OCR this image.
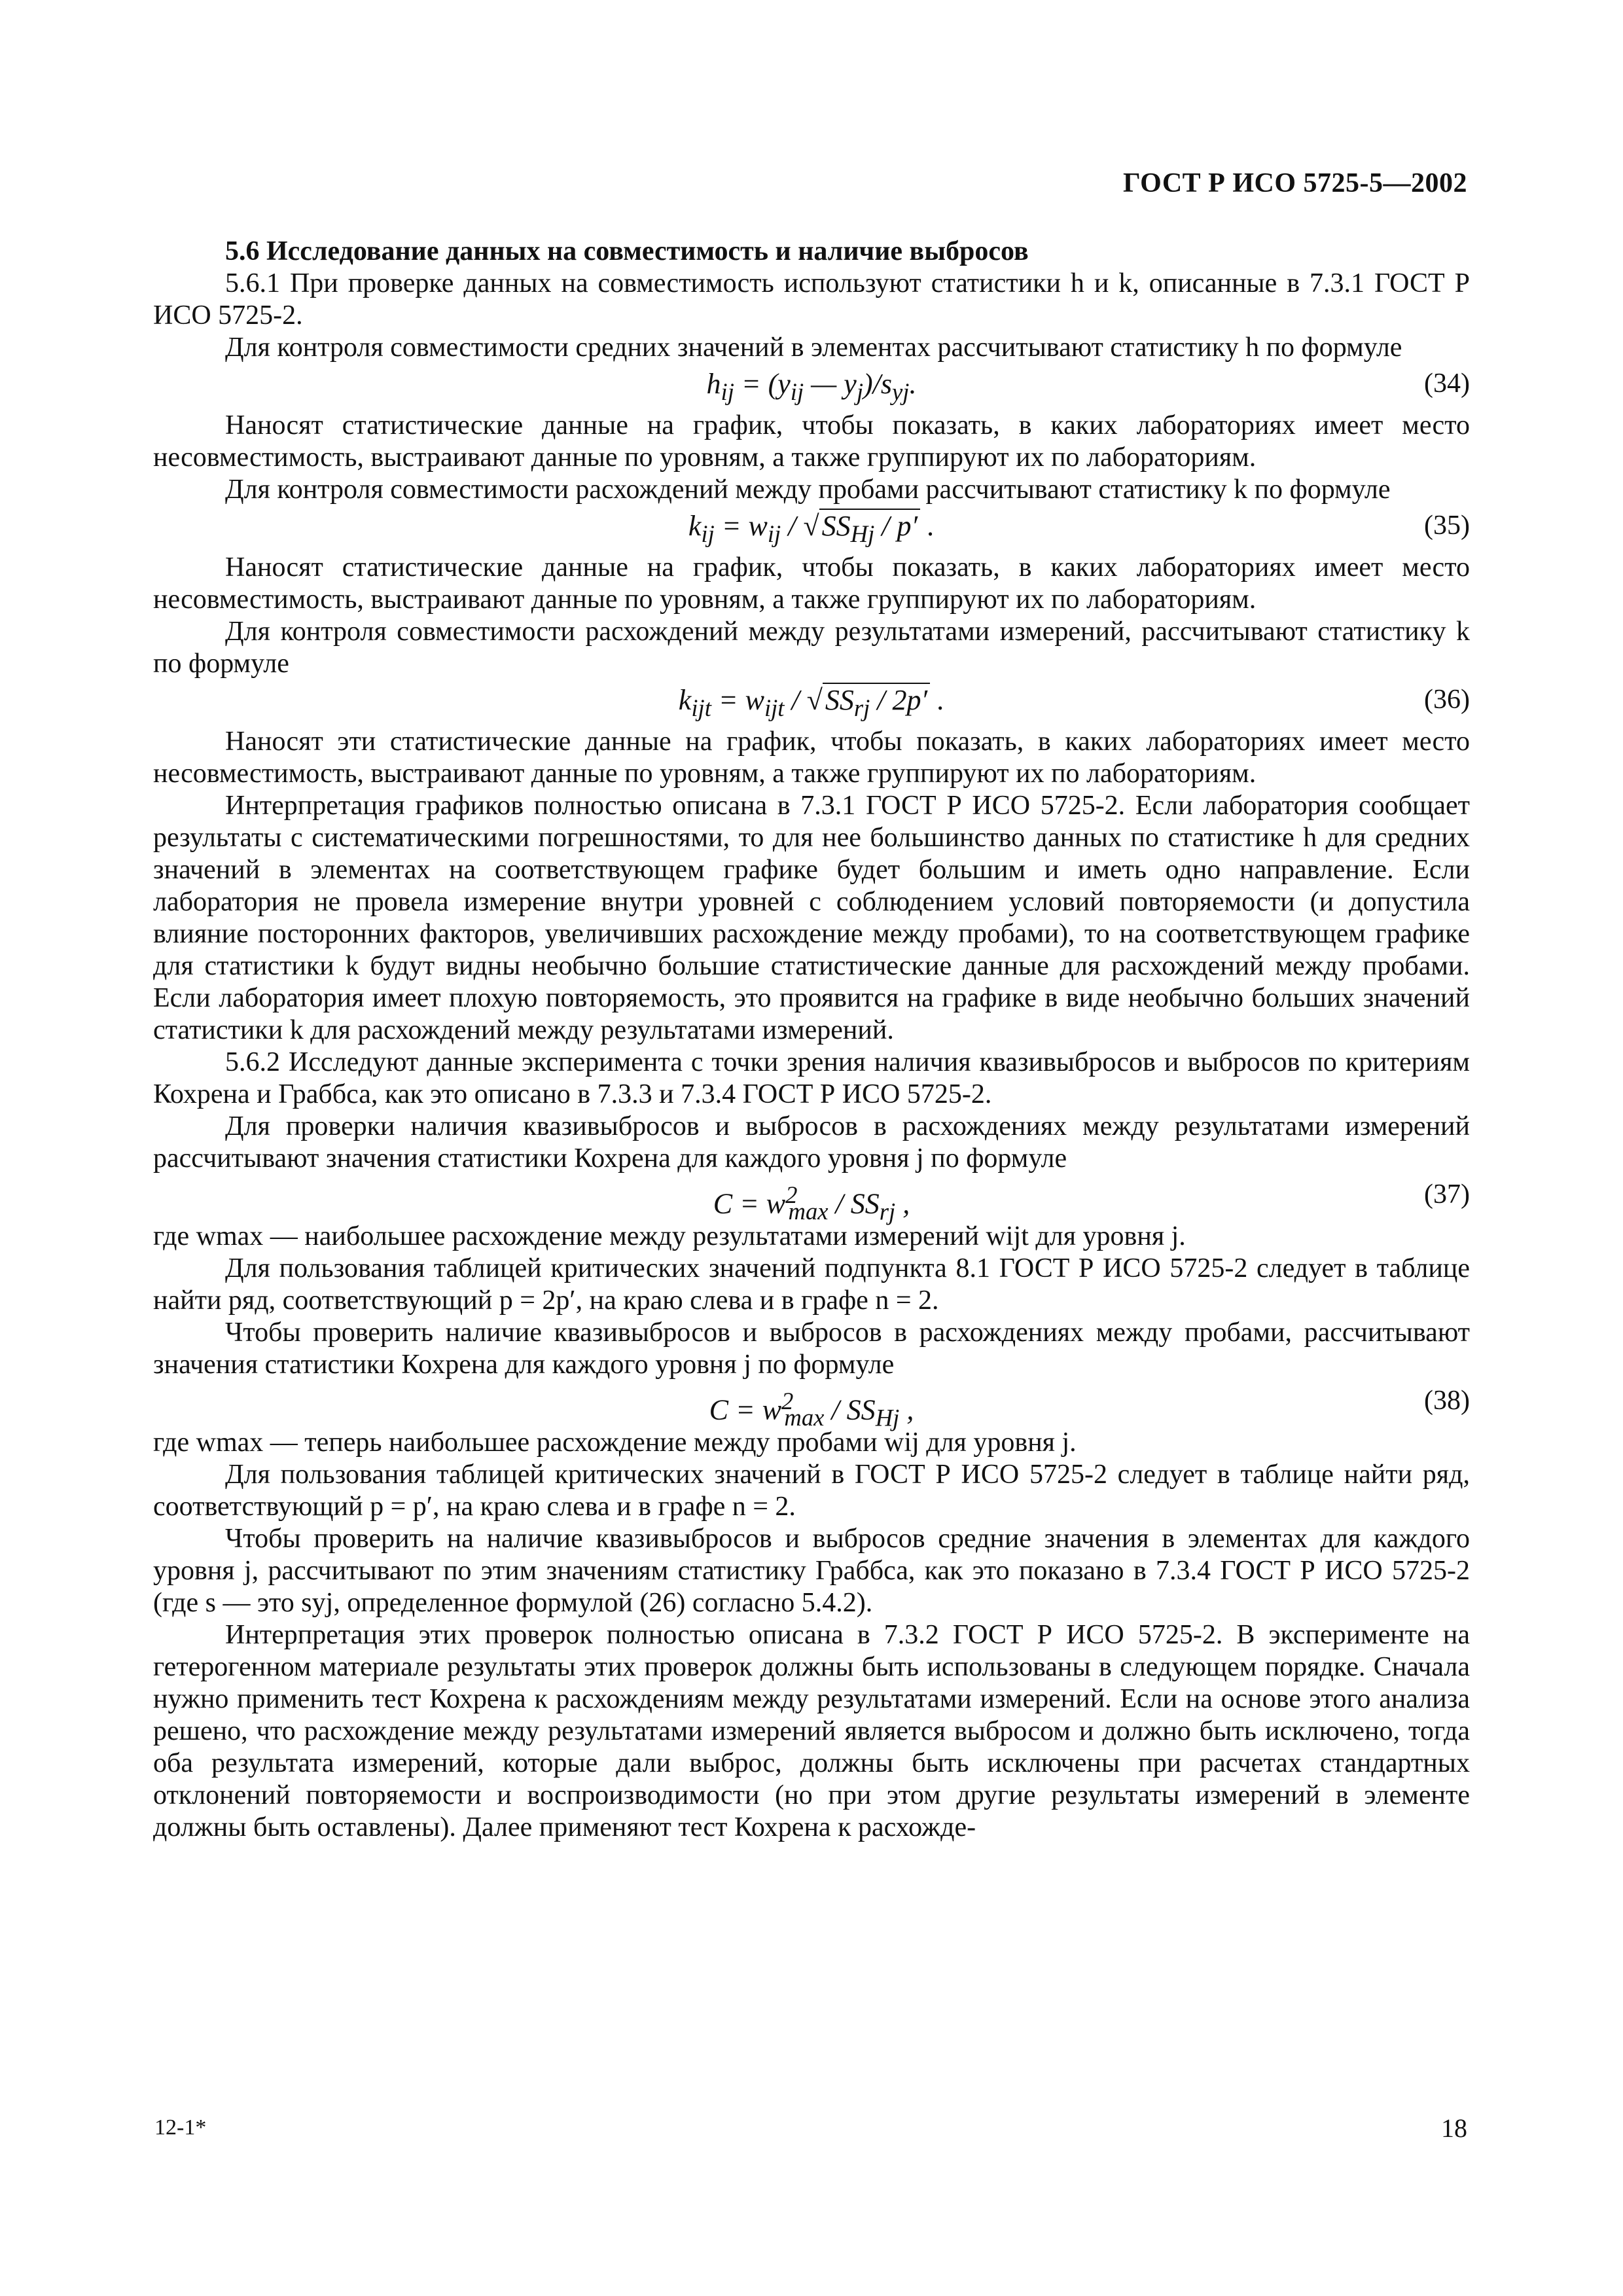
ГОСТ Р ИСО 5725-5—2002

5.6 Исследование данных на совместимость и наличие выбросов

5.6.1 При проверке данных на совместимость используют статистики h и k, описанные в 7.3.1 ГОСТ Р ИСО 5725-2.

Для контроля совместимости средних значений в элементах рассчитывают статистику h по формуле

$h_{ij} = (y_{ij}$ — $y_j)/s_{yj}$.	(34)

Наносят статистические данные на график, чтобы показать, в каких лабораториях имеет место несовместимость, выстраивают данные по уровням, а также группируют их по лабораториям.

Для контроля совместимости расхождений между пробами рассчитывают статистику k по формуле

$k_{ij} = w_{ij} / √SS_{Hj} / p'$ .	(35)

Наносят статистические данные на график, чтобы показать, в каких лабораториях имеет место несовместимость, выстраивают данные по уровням, а также группируют их по лабораториям.

Для контроля совместимости расхождений между результатами измерений, рассчитывают статистику k по формуле

$k_{ijt} = w_{ijt} / √SS_{rj} / 2p'$ .	(36)

Наносят эти статистические данные на график, чтобы показать, в каких лабораториях имеет место несовместимость, выстраивают данные по уровням, а также группируют их по лабораториям.

Интерпретация графиков полностью описана в 7.3.1 ГОСТ Р ИСО 5725-2. Если лаборатория сообщает результаты с систематическими погрешностями, то для нее большинство данных по статистике h для средних значений в элементах на соответствующем графике будет большим и иметь одно направление. Если лаборатория не провела измерение внутри уровней с соблюдением условий повторяемости (и допустила влияние посторонних факторов, увеличивших расхождение между пробами), то на соответствующем графике для статистики k будут видны необычно большие статистические данные для расхождений между пробами. Если лаборатория имеет плохую повторяемость, это проявится на графике в виде необычно больших значений статистики k для расхождений между результатами измерений.

5.6.2 Исследуют данные эксперимента с точки зрения наличия квазивыбросов и выбросов по критериям Кохрена и Граббса, как это описано в 7.3.3 и 7.3.4 ГОСТ Р ИСО 5725-2.

Для проверки наличия квазивыбросов и выбросов в расхождениях между результатами измерений рассчитывают значения статистики Кохрена для каждого уровня j по формуле

$C = w^2_{max} / SS_{rj}$ ,	(37)

где wmax — наибольшее расхождение между результатами измерений wijt для уровня j.

Для пользования таблицей критических значений подпункта 8.1 ГОСТ Р ИСО 5725-2 следует в таблице найти ряд, соответствующий p = 2p′, на краю слева и в графе n = 2.

Чтобы проверить наличие квазивыбросов и выбросов в расхождениях между пробами, рассчитывают значения статистики Кохрена для каждого уровня j по формуле

$C = w^2_{max} / SS_{Hj}$ ,	(38)

где wmax — теперь наибольшее расхождение между пробами wij для уровня j.

Для пользования таблицей критических значений в ГОСТ Р ИСО 5725-2 следует в таблице найти ряд, соответствующий p = p′, на краю слева и в графе n = 2.

Чтобы проверить на наличие квазивыбросов и выбросов средние значения в элементах для каждого уровня j, рассчитывают по этим значениям статистику Граббса, как это показано в 7.3.4 ГОСТ Р ИСО 5725-2 (где s — это syj, определенное формулой (26) согласно 5.4.2).

Интерпретация этих проверок полностью описана в 7.3.2 ГОСТ Р ИСО 5725-2. В эксперименте на гетерогенном материале результаты этих проверок должны быть использованы в следующем порядке. Сначала нужно применить тест Кохрена к расхождениям между результатами измерений. Если на основе этого анализа решено, что расхождение между результатами измерений является выбросом и должно быть исключено, тогда оба результата измерений, которые дали выброс, должны быть исключены при расчетах стандартных отклонений повторяемости и воспроизводимости (но при этом другие результаты измерений в элементе должны быть оставлены). Далее применяют тест Кохрена к расхожде-

12-1*	18
